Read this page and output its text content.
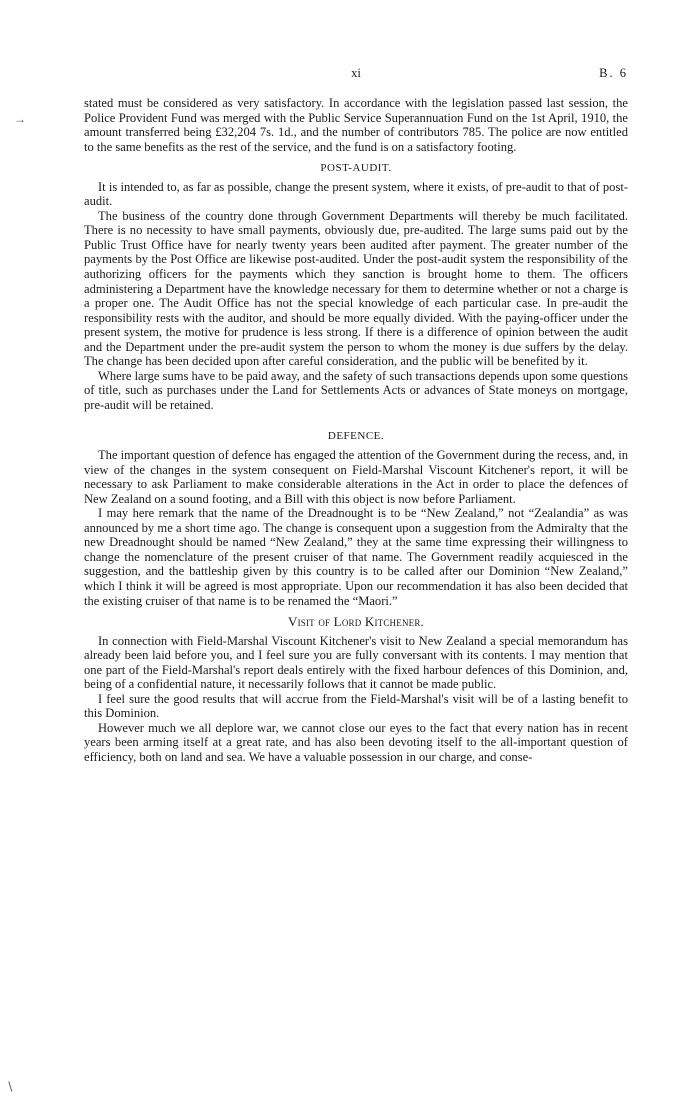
xi	B. 6
→
∖

stated must be considered as very satisfactory. In accordance with the legislation passed last session, the Police Provident Fund was merged with the Public Service Superannuation Fund on the 1st April, 1910, the amount transferred being £32,204 7s. 1d., and the number of contributors 785. The police are now entitled to the same benefits as the rest of the service, and the fund is on a satisfactory footing.

POST-AUDIT.

It is intended to, as far as possible, change the present system, where it exists, of pre-audit to that of post-audit.

The business of the country done through Government Departments will thereby be much facilitated. There is no necessity to have small payments, obviously due, pre-audited. The large sums paid out by the Public Trust Office have for nearly twenty years been audited after payment. The greater number of the payments by the Post Office are likewise post-audited. Under the post-audit system the responsibility of the authorizing officers for the payments which they sanction is brought home to them. The officers administering a Department have the knowledge necessary for them to determine whether or not a charge is a proper one. The Audit Office has not the special knowledge of each particular case. In pre-audit the responsibility rests with the auditor, and should be more equally divided. With the paying-officer under the present system, the motive for prudence is less strong. If there is a difference of opinion between the audit and the Department under the pre-audit system the person to whom the money is due suffers by the delay. The change has been decided upon after careful consideration, and the public will be benefited by it.

Where large sums have to be paid away, and the safety of such transactions depends upon some questions of title, such as purchases under the Land for Settlements Acts or advances of State moneys on mortgage, pre-audit will be retained.

DEFENCE.

The important question of defence has engaged the attention of the Government during the recess, and, in view of the changes in the system consequent on Field-Marshal Viscount Kitchener's report, it will be necessary to ask Parliament to make considerable alterations in the Act in order to place the defences of New Zealand on a sound footing, and a Bill with this object is now before Parliament.

I may here remark that the name of the Dreadnought is to be “New Zealand,” not “Zealandia” as was announced by me a short time ago. The change is consequent upon a suggestion from the Admiralty that the new Dreadnought should be named “New Zealand,” they at the same time expressing their willingness to change the nomenclature of the present cruiser of that name. The Government readily acquiesced in the suggestion, and the battleship given by this country is to be called after our Dominion “New Zealand,” which I think it will be agreed is most appropriate. Upon our recommendation it has also been decided that the existing cruiser of that name is to be renamed the “Maori.”

Visit of Lord Kitchener.

In connection with Field-Marshal Viscount Kitchener's visit to New Zealand a special memorandum has already been laid before you, and I feel sure you are fully conversant with its contents. I may mention that one part of the Field-Marshal's report deals entirely with the fixed harbour defences of this Dominion, and, being of a confidential nature, it necessarily follows that it cannot be made public.

I feel sure the good results that will accrue from the Field-Marshal's visit will be of a lasting benefit to this Dominion.

However much we all deplore war, we cannot close our eyes to the fact that every nation has in recent years been arming itself at a great rate, and has also been devoting itself to the all-important question of efficiency, both on land and sea. We have a valuable possession in our charge, and conse-
